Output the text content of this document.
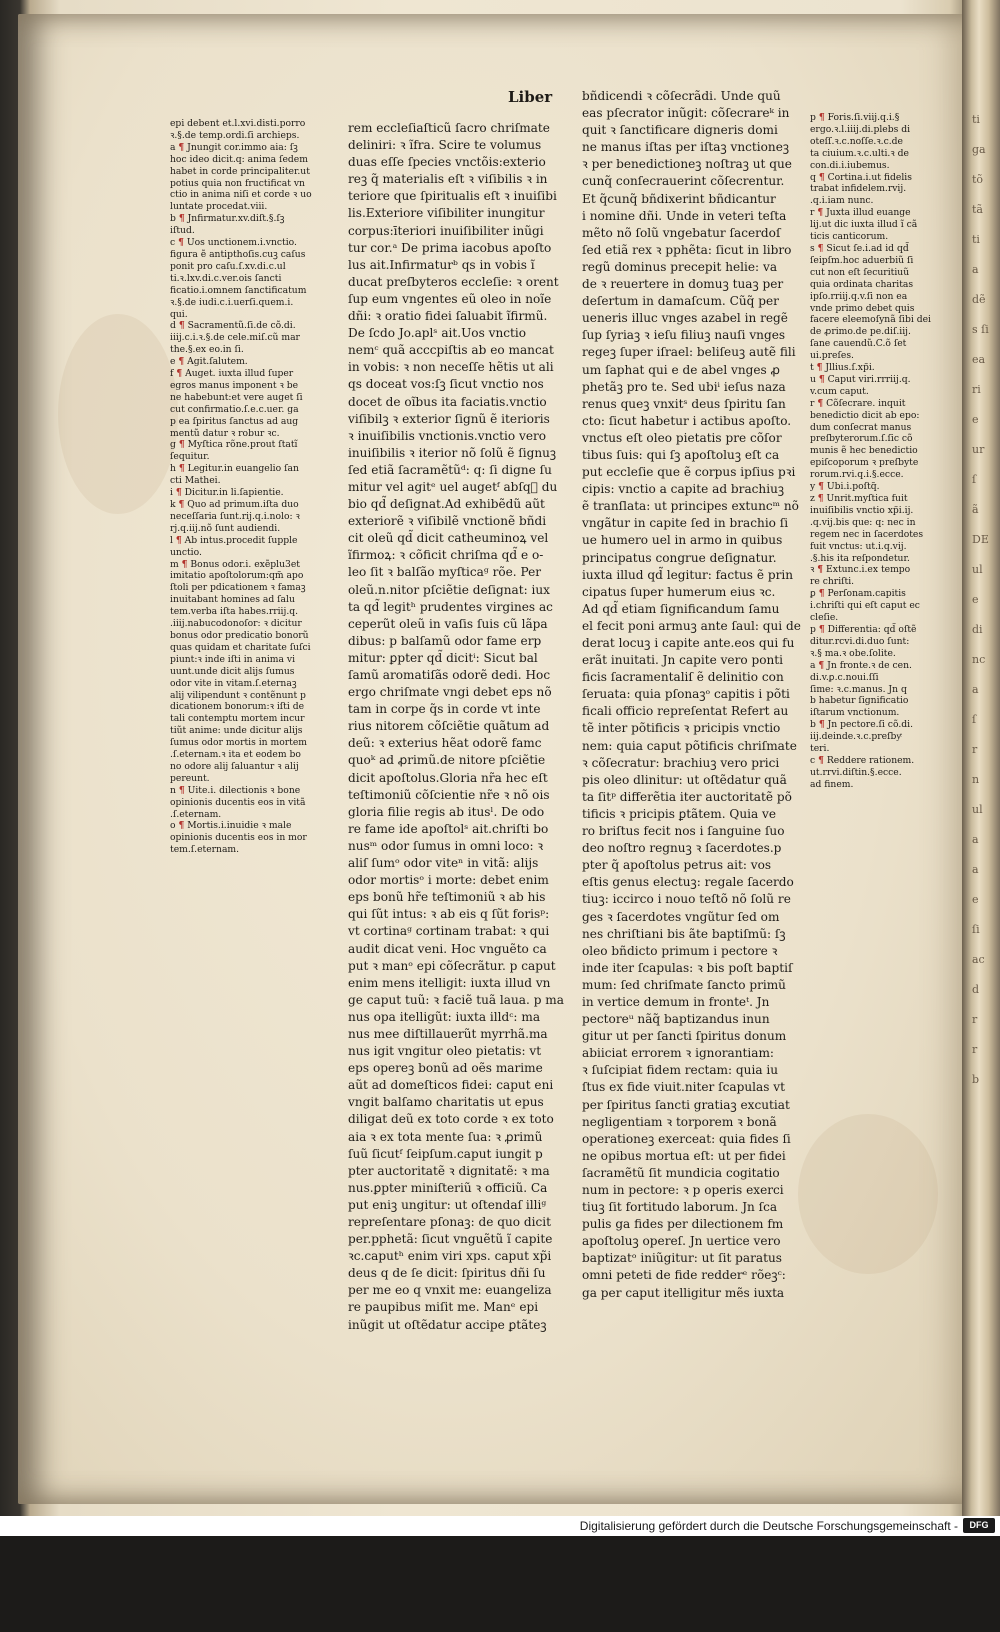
ti
ga
tõ
tã
ti
a
dẽ
s ſi
ea
ri
e
ur
ſ
ã
DE
ul
e
di
nc
a
ſ
r
n
ul
a
a
e
ſi
ac
d
r
r
b
Liber

epi debent et.l.xvi.disti.porro

ꝛ.§.de temp.ordi.ſi archieps.

a ¶ Jnungit cor.immo aia: ſꝫ

hoc ideo dicit.q: anima ſedem

habet in corde principaliter.ut

potius quia non fructificat vn

ctio in anima niſi et corde ꝛ uo

luntate procedat.viii.

b ¶ Jnfirmatur.xv.diſt.§.ſꝫ

iſtud.

c ¶ Uos unctionem.i.vnctio.

figura ẽ antipthoſis.cuꝫ caſus

ponit pro caſu.ſ.xv.di.c.ul

ti.ꝛ.lxv.di.c.ver.ois ſancti

ficatio.i.omnem ſanctificatum

ꝛ.§.de iudi.c.i.uerſi.quem.i.

qui.

d ¶ Sacramentũ.ſi.de cõ.di.

iiij.c.i.ꝛ.§.de cele.miſ.cũ mar

the.§.ex eo.in ſi.

e ¶ Agit.ſalutem.

f ¶ Auget. iuxta illud ſuper

egros manus imponent ꝛ be

ne habebunt:et vere auget ſi

cut confirmatio.ſ.e.c.uer. ga

p ea ſpiritus ſanctus ad aug

mentũ datur ꝛ robur ꝛc.

g ¶ Myſtica rõne.prout ſtatĩ

ſequitur.

h ¶ Legitur.in euangelio ſan

cti Mathei.

i ¶ Dicitur.in li.ſapientie.

k ¶ Quo ad primum.iſta duo

neceſſaria ſunt.rij.q.i.nolo: ꝛ

rj.q.iij.nõ ſunt audiendi.

l ¶ Ab intus.procedit ſupple

unctio.

m ¶ Bonus odor.i. exẽplu3et

imitatio apoſtolorum:qm̃ apo

ſtoli per pdicationem ꝛ famaꝫ

inuitabant homines ad ſalu

tem.verba iſta habes.rriij.q.

.iiij.nabucodonoſor: ꝛ dicitur

bonus odor predicatio bonorũ

quas quidam et charitate ſuſci

piunt:ꝛ inde iſti in anima vi

uunt.unde dicit alijs ſumus

odor vite in vitam.ſ.eternaꝫ

alij vilipendunt ꝛ contẽnunt p

dicationem bonorum:ꝛ iſti de

tali contemptu mortem incur

tiũt anime: unde dicitur alijs

ſumus odor mortis in mortem

.ſ.eternam.ꝛ ita et eodem bo

no odore alij ſaluantur ꝛ alij

pereunt.

n ¶ Uite.i. dilectionis ꝛ bone

opinionis ducentis eos in vitã

.ſ.eternam.

o ¶ Mortis.i.inuidie ꝛ male

opinionis ducentis eos in mor

tem.ſ.eternam.

rem eccleſiaſticũ ſacro chriſmate

deliniri: ꝛ ĩfra. Scire te volumus

duas eſſe ſpecies vnctõis:exterio

reꝫ q̃ materialis eſt ꝛ viſibilis ꝛ in

teriore que ſpiritualis eſt ꝛ inuiſibi

lis.Exteriore viſibiliter inungitur

corpus:īteriori inuiſibiliter inũgi

tur cor.ᵃ De prima iacobus apoſto

lus ait.Infirmaturᵇ qs in vobis ĩ

ducat preſbyteros eccleſie: ꝛ orent

ſup eum vngentes eũ oleo in noĩe

dñi: ꝛ oratio fidei ſaluabit ĩfirmũ.

De ſcdo Jo.aplˢ ait.Uos vnctio

nemᶜ quã acccpiſtis ab eo mancat

in vobis: ꝛ non neceſſe hẽtis ut ali

qs doceat vos:ſꝫ ſicut vnctio nos

docet de oĩbus ita faciatis.vnctio

viſibilꝫ ꝛ exterior ſignũ ẽ iterioris

ꝛ inuiſibilis vnctionis.vnctio vero

inuiſibilis ꝛ iterior nõ ſolũ ẽ ſignuꝫ

ſed etiã ſacramẽtũᵈ: q: ſi digne ſu

mitur vel agitᵉ uel augetᶠ abſq᷒ du

bio qd̃ deſignat.Ad exhibẽdũ aũt

exteriorẽ ꝛ viſibilẽ vnctionẽ bñdi

cit oleũ qd̃ dicit catheuminoꝝ vel

ĩfirmoꝝ: ꝛ cõficit chriſma qd̃ e o-

leo ſit ꝛ balſão myſticaᵍ rõe. Per

oleũ.n.nitor pſciẽtie deſignat: iux

ta qd̃ legitʰ prudentes virgines ac

ceperũt oleũ in vaſis ſuis cũ lãpa

dibus: p balſamũ odor fame erp

mitur: ꝑpter qd̃ dicitⁱ: Sicut bal

ſamũ aromatiſãs odorẽ dedi. Hoc

ergo chriſmate vngi debet eps nõ

tam in corpe q̃s in corde vt inte

rius nitorem cõſciẽtie quãtum ad

deũ: ꝛ exterius hẽat odorẽ famc

quoᵏ ad ꝓrimũ.de nitore pſciẽtie

dicit apoſtolus.Gloria nr̃a hec eſt

teſtimoniũ cõſcientie nr̃e ꝛ nõ ois

gloria filie regis ab itusˡ. De odo

re fame ide apoſtolˢ ait.chriſti bo

nusᵐ odor ſumus in omni loco: ꝛ

aliſ ſumᵒ odor viteⁿ in vitã: alijs

odor mortisᵒ i morte: debet enim

eps bonũ hr̃e teſtimoniũ ꝛ ab his

qui ſũt intus: ꝛ ab eis q ſũt forisᵖ:

vt cortinaᵍ cortinam trabat: ꝛ qui

audit dicat veni. Hoc vnguẽto ca

put ꝛ manᵒ epi cõſecrãtur. p caput

enim mens itelligit: iuxta illud vn

ge caput tuũ: ꝛ faciẽ tuã laua. p ma

nus opa itelligũt: iuxta illdᶜ: ma

nus mee diſtillauerũt myrrhã.ma

nus igit vngitur oleo pietatis: vt

eps opereꝫ bonũ ad oẽs marime

aũt ad domeſticos fidei: caput eni

vngit balſamo charitatis ut epus

diligat deũ ex toto corde ꝛ ex toto

aia ꝛ ex tota mente ſua: ꝛ ꝓrimũ

ſuũ ſicutᶠ ſeipſum.caput iungit p

pter auctoritatẽ ꝛ dignitatẽ: ꝛ ma

nus.ꝑpter miniſteriũ ꝛ officiũ. Ca

put eniꝫ ungitur: ut oſtendaſ illiᵍ

repreſentare pſonaꝫ: de quo dicit

per.pphetã: ſicut vnguẽtũ ĩ capite

ꝛc.caputʰ enim viri xps. caput xp̃i

deus q de ſe dicit: ſpiritus dñi ſu

per me eo q vnxit me: euangeliza

re paupibus miſit me. Manᵉ epi

inũgit ut oſtẽdatur accipe ꝑtãteꝫ

bñdicendi ꝛ cõſecrãdi. Unde quũ

eas pſecrator inũgit: cõſecrareᵏ in

quit ꝛ ſanctificare digneris domi

ne manus iſtas per iſtaꝫ vnctioneꝫ

ꝛ per benedictioneꝫ noſtraꝫ ut que

cunq̃ conſecrauerint cõſecrentur.

Et q̃cunq̃ bñdixerint bñdicantur

i nomine dñi. Unde in veteri teſta

mẽto nõ ſolũ vngebatur ſacerdoſ

ſed etiã rex ꝛ pphẽta: ſicut in libro

regũ dominus precepit helie: va

de ꝛ reuertere in domuꝫ tuaꝫ per

deſertum in damaſcum. Cũq̃ per

ueneris illuc vnges azabel in regẽ

ſup ſyriaꝫ ꝛ ieſu filiuꝫ nauſi vnges

regeꝫ ſuper iſrael: beliſeuꝫ autẽ fili

um ſaphat qui e de abel vnges ꝓ

phetãꝫ pro te. Sed ubiⁱ ieſus naza

renus queꝫ vnxitˢ deus ſpiritu ſan

cto: ſicut habetur i actibus apoſto.

vnctus eſt oleo pietatis pre cõſor

tibus ſuis: qui ſꝫ apoſtoluꝫ eſt ca

put eccleſie que ẽ corpus ipſius pꝛi

cipis: vnctio a capite ad brachiuꝫ

ẽ tranſlata: ut principes extuncᵐ nõ

vngãtur in capite ſed in brachio ſi

ue humero uel in armo in quibus

principatus congrue deſignatur.

iuxta illud qd̃ legitur: factus ẽ prin

cipatus ſuper humerum eius ꝛc.

Ad qd̃ etiam ſignificandum ſamu

el fecit poni armuꝫ ante ſaul: qui de

derat locuꝫ i capite ante.eos qui fu

erãt inuitati. Jn capite vero ponti

ficis ſacramentaliſ ẽ delinitio con

ſeruata: quia pſonaꝫᵒ capitis i põti

ficali officio repreſentat Refert au

tẽ inter põtificis ꝛ pricipis vnctio

nem: quia caput põtificis chriſmate

ꝛ cõſecratur: brachiuꝫ vero prici

pis oleo dlinitur: ut oſtẽdatur quã

ta ſitᵖ differẽtia iter auctoritatẽ põ

tificis ꝛ pricipis ꝑtãtem. Quia ve

ro briſtus fecit nos i ſanguine ſuo

deo noſtro regnuꝫ ꝛ ſacerdotes.p

pter q̃ apoſtolus petrus ait: vos

eſtis genus electuꝫ: regale ſacerdo

tiuꝫ: iccirco i nouo teſtõ nõ ſolũ re

ges ꝛ ſacerdotes vngũtur ſed om

nes chriſtiani bis ãte baptiſmũ: ſꝫ

oleo bñdicto primum i pectore ꝛ

inde iter ſcapulas: ꝛ bis poſt baptiſ

mum: ſed chriſmate ſancto primũ

in vertice demum in fronteᵗ. Jn

pectoreᵘ nãq̃ baptizandus inun

gitur ut per ſancti ſpiritus donum

abiiciat errorem ꝛ ignorantiam:

ꝛ ſuſcipiat fidem rectam: quia iu

ſtus ex fide viuit.niter ſcapulas vt

per ſpiritus ſancti gratiaꝫ excutiat

negligentiam ꝛ torporem ꝛ bonã

operationeꝫ exerceat: quia fides ſi

ne opibus mortua eſt: ut per fidei

ſacramẽtũ ſit mundicia cogitatio

num in pectore: ꝛ p operis exerci

tiuꝫ ſit fortitudo laborum. Jn ſca

pulis ga fides per dilectionem fm

apoſtoluꝫ opereſ. Jn uertice vero

baptizatᵒ iniũgitur: ut ſit paratus

omni peteti de fide redderᵉ rõeꝫᶜ:

ga per caput itelligitur mẽs iuxta

p ¶ Foris.ſi.viij.q.i.§

ergo.ꝛ.l.iiij.di.plebs di

oteſſ.ꝛ.c.noſſe.ꝛ.c.de

ta ciuium.ꝛ.c.ulti.ꝛ de

con.di.i.iubemus.

q ¶ Cortina.i.ut fidelis

trabat infidelem.rvij.

.q.i.iam nunc.

r ¶ Juxta illud euange

lij.ut dic iuxta illud ĩ cã

ticis canticorum.

s ¶ Sicut ſe.i.ad id qd̃

ſeipſm.hoc aduerbiũ ſi

cut non eſt ſecuritiuũ

quia ordinata charitas

ipſo.rriij.q.v.ſi non ea

vnde primo debet quis

facere eleemoſynã ſibi dei

de ꝓrimo.de pe.diſ.iij.

ſane cauendũ.C.õ ſet

ui.preſes.

t ¶ Jllius.ſ.xp̃i.

u ¶ Caput viri.rrriij.q.

v.cum caput.

r ¶ Cõſecrare. inquit

benedictio dicit ab epo:

dum conſecrat manus

preſbyterorum.ſ.ſic cõ

munis ẽ hec benedictio

epiſcoporum ꝛ preſbyte

rorum.rvi.q.i.§.ecce.

y ¶ Ubi.i.poſtq̃.

z ¶ Unrit.myſtica fuit

inuiſibilis vnctio xp̃i.ij.

.q.vij.bis que: q: nec in

regem nec in ſacerdotes

fuit vnctus: ut.i.q.vij.

.§.his ita reſpondetur.

ꝛ ¶ Extunc.i.ex tempo

re chriſti.

ꝑ ¶ Perſonam.capitis

i.chriſti qui eſt caput ec

cleſie.

p ¶ Differentia: qd̃ oſtẽ

ditur.rcvi.di.duo ſunt:

ꝛ.§ ma.ꝛ obe.ſolite.

a ¶ Jn fronte.ꝛ de cen.

di.v.ꝑ.c.noui.ſſi

ſime: ꝛ.c.manus. Jn q

b habetur ſignificatio

iſtarum vnctionum.

b ¶ Jn pectore.ſi cõ.di.

iij.deinde.ꝛ.c.preſbyͤ

teri.

c ¶ Reddere rationem.

ut.rrvi.diſtin.§.ecce.

ad finem.

Digitalisierung gefördert durch die Deutsche Forschungsgemeinschaft -	DFG
